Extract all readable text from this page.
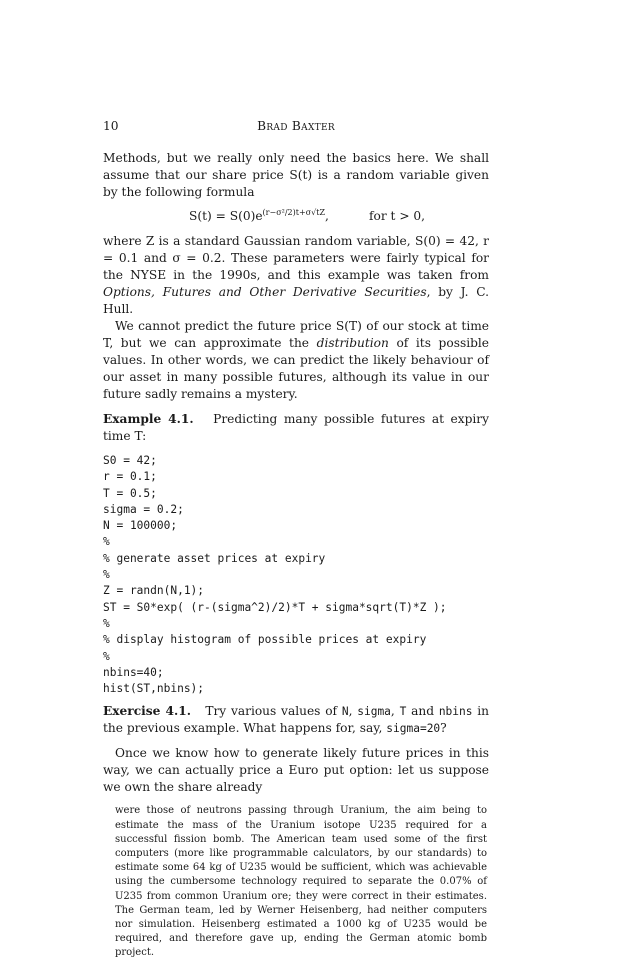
10	Brad Baxter

Methods, but we really only need the basics here. We shall assume that our share price S(t) is a random variable given by the following formula

$S(t) = S(0)e^{(r-\sigma^2/2)t+\sigma√tZ}$,	for t > 0,

where Z is a standard Gaussian random variable, S(0) = 42, r = 0.1 and σ = 0.2. These parameters were fairly typical for the NYSE in the 1990s, and this example was taken from Options, Futures and Other Derivative Securities, by J. C. Hull.

We cannot predict the future price S(T) of our stock at time T, but we can approximate the distribution of its possible values. In other words, we can predict the likely behaviour of our asset in many possible futures, although its value in our future sadly remains a mystery.

Example 4.1. Predicting many possible futures at expiry time T:

S0 = 42;
r = 0.1;
T = 0.5;
sigma = 0.2;
N = 100000;
%
% generate asset prices at expiry
%
Z = randn(N,1);
ST = S0*exp( (r-(sigma^2)/2)*T + sigma*sqrt(T)*Z );
%
% display histogram of possible prices at expiry
%
nbins=40;
hist(ST,nbins);

Exercise 4.1. Try various values of N, sigma, T and nbins in the previous example. What happens for, say, sigma=20?

Once we know how to generate likely future prices in this way, we can actually price a Euro put option: let us suppose we own the share already

were those of neutrons passing through Uranium, the aim being to estimate the mass of the Uranium isotope U235 required for a successful fission bomb. The American team used some of the first computers (more like programmable calculators, by our standards) to estimate some 64 kg of U235 would be sufficient, which was achievable using the cumbersome technology required to separate the 0.07% of U235 from common Uranium ore; they were correct in their estimates. The German team, led by Werner Heisenberg, had neither computers nor simulation. Heisenberg estimated a 1000 kg of U235 would be required, and therefore gave up, ending the German atomic bomb project.
